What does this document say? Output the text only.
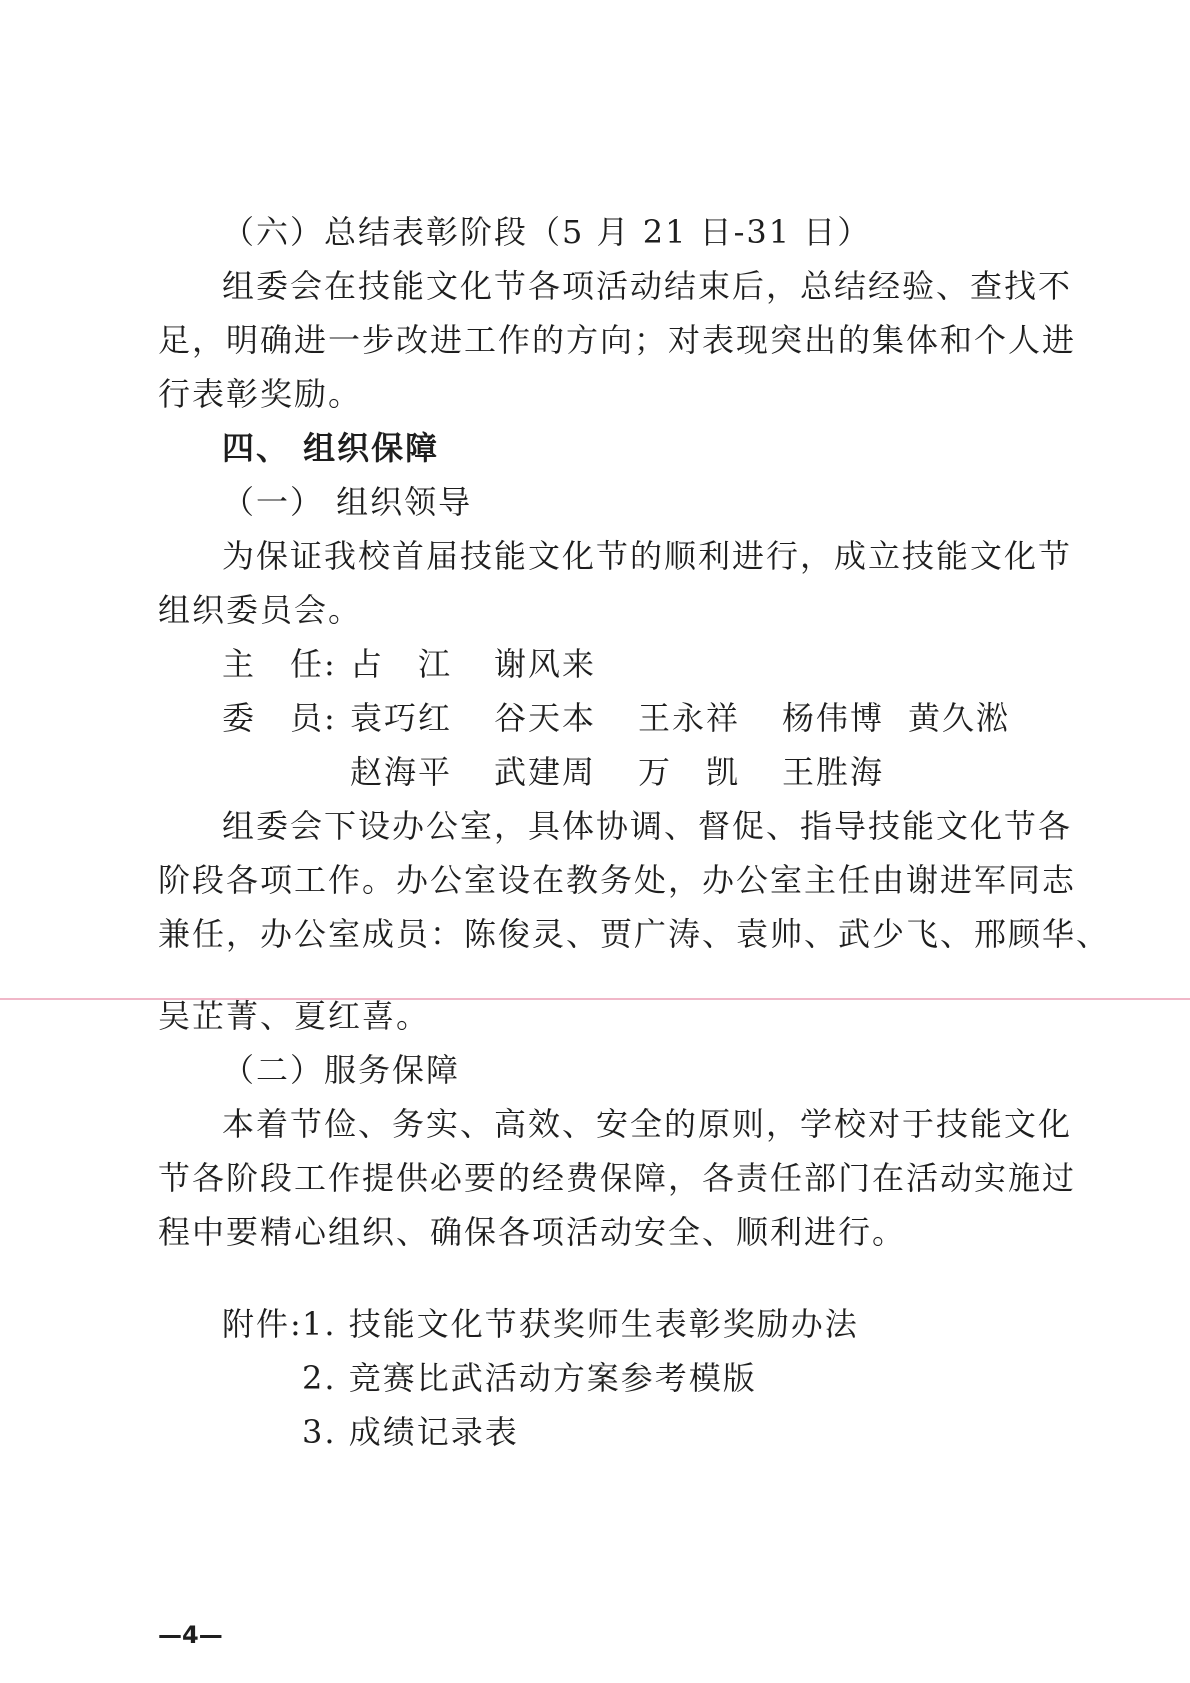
（六）总结表彰阶段（5 月 21 日-31 日）
组委会在技能文化节各项活动结束后，总结经验、查找不
足，明确进一步改进工作的方向；对表现突出的集体和个人进
行表彰奖励。
四、 组织保障
（一） 组织领导
为保证我校首届技能文化节的顺利进行，成立技能文化节
组织委员会。
主　任: 占　江 谢风来
委　员: 袁巧红 谷天本 王永祥 杨伟博 黄久淞
赵海平 武建周 万　凯 王胜海
组委会下设办公室，具体协调、督促、指导技能文化节各
阶段各项工作。办公室设在教务处，办公室主任由谢进军同志
兼任，办公室成员：陈俊灵、贾广涛、袁帅、武少飞、邢顾华、
吴芷菁、夏红喜。
（二）服务保障
本着节俭、务实、高效、安全的原则，学校对于技能文化
节各阶段工作提供必要的经费保障，各责任部门在活动实施过
程中要精心组织、确保各项活动安全、顺利进行。
附件: 1. 技能文化节获奖师生表彰奖励办法
2. 竞赛比武活动方案参考模版
3. 成绩记录表
—4—
